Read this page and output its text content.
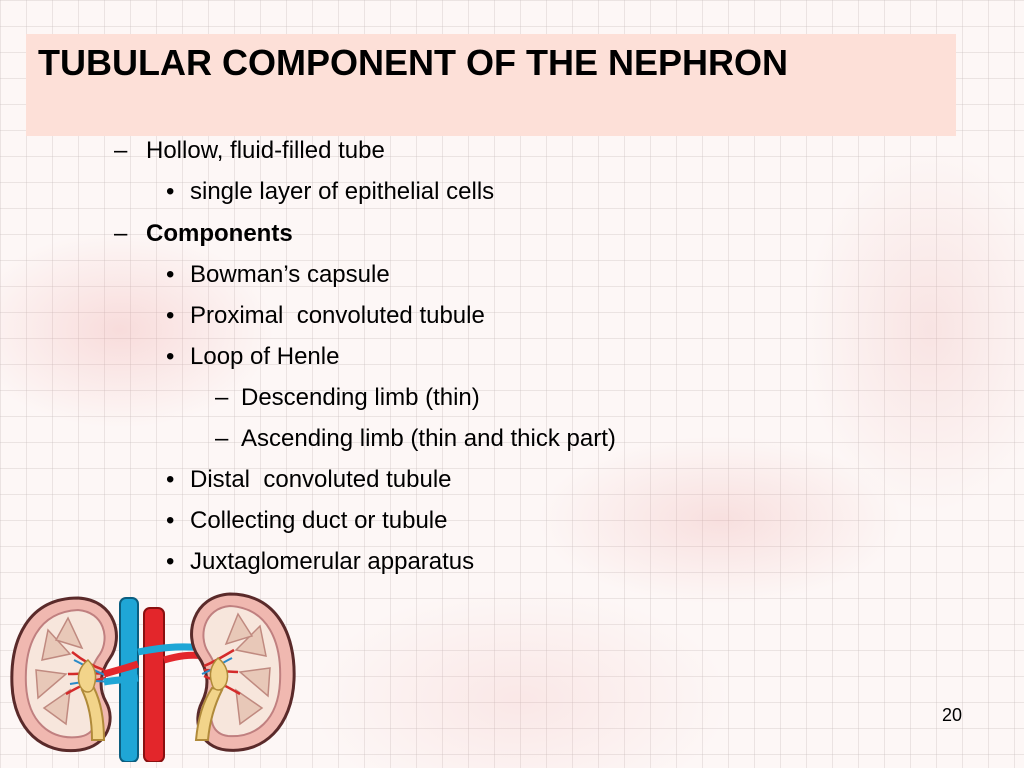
TUBULAR COMPONENT OF THE NEPHRON
– Hollow, fluid-filled tube
• single layer of epithelial cells
– Components
• Bowman’s capsule
• Proximal  convoluted tubule
• Loop of Henle
– Descending limb (thin)
– Ascending limb (thin and thick part)
• Distal  convoluted tubule
• Collecting duct or tubule
• Juxtaglomerular apparatus
20
